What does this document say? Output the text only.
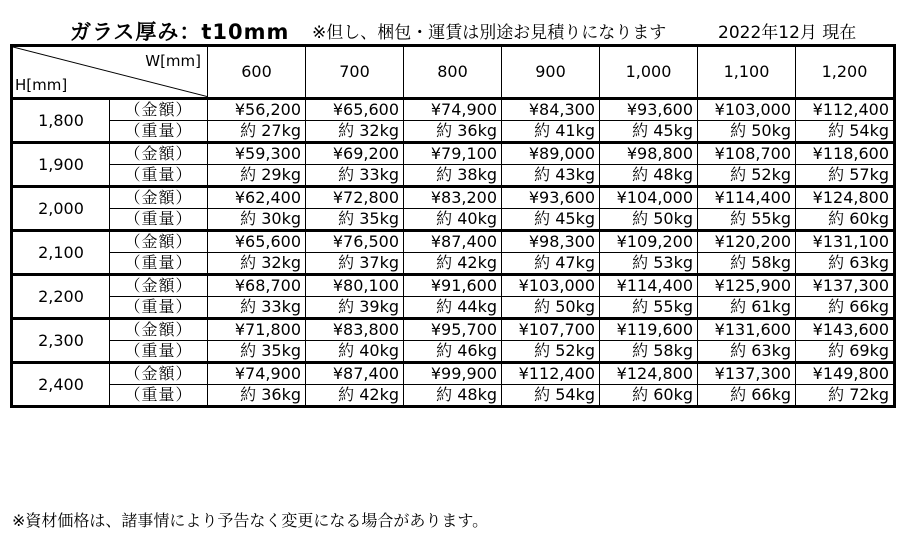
ガラス厚み：t10mm ※但し、梱包・運賃は別途お見積りになります	2022年12月 現在
W[mm]
H[mm]		600	700	800	900	1,000	1,100	1,200
1,800	（金額）	¥56,200	¥65,600	¥74,900	¥84,300	¥93,600	¥103,000	¥112,400
	（重量）	約 27kg	約 32kg	約 36kg	約 41kg	約 45kg	約 50kg	約 54kg
1,900	（金額）	¥59,300	¥69,200	¥79,100	¥89,000	¥98,800	¥108,700	¥118,600
	（重量）	約 29kg	約 33kg	約 38kg	約 43kg	約 48kg	約 52kg	約 57kg
2,000	（金額）	¥62,400	¥72,800	¥83,200	¥93,600	¥104,000	¥114,400	¥124,800
	（重量）	約 30kg	約 35kg	約 40kg	約 45kg	約 50kg	約 55kg	約 60kg
2,100	（金額）	¥65,600	¥76,500	¥87,400	¥98,300	¥109,200	¥120,200	¥131,100
	（重量）	約 32kg	約 37kg	約 42kg	約 47kg	約 53kg	約 58kg	約 63kg
2,200	（金額）	¥68,700	¥80,100	¥91,600	¥103,000	¥114,400	¥125,900	¥137,300
	（重量）	約 33kg	約 39kg	約 44kg	約 50kg	約 55kg	約 61kg	約 66kg
2,300	（金額）	¥71,800	¥83,800	¥95,700	¥107,700	¥119,600	¥131,600	¥143,600
	（重量）	約 35kg	約 40kg	約 46kg	約 52kg	約 58kg	約 63kg	約 69kg
2,400	（金額）	¥74,900	¥87,400	¥99,900	¥112,400	¥124,800	¥137,300	¥149,800
	（重量）	約 36kg	約 42kg	約 48kg	約 54kg	約 60kg	約 66kg	約 72kg
※資材価格は、諸事情により予告なく変更になる場合があります。
